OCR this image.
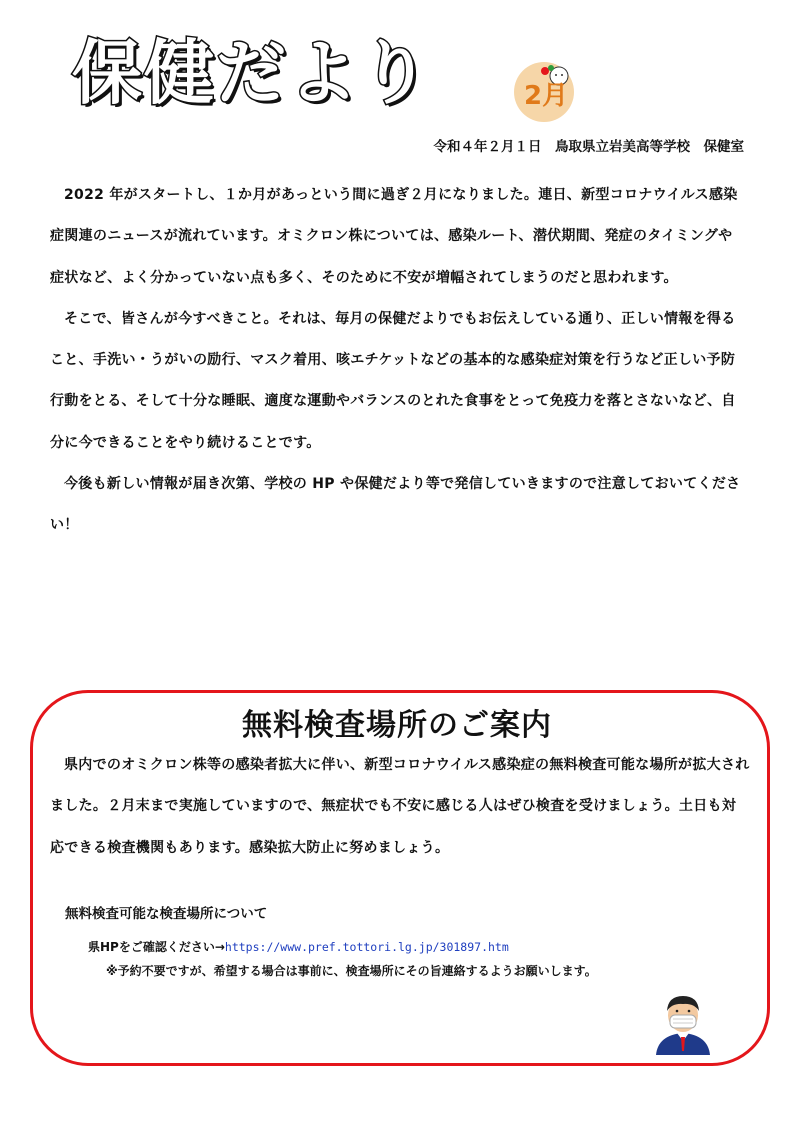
保健だより	2月
令和４年２月１日　鳥取県立岩美高等学校　保健室

2022 年がスタートし、１か月があっという間に過ぎ２月になりました。連日、新型コロナウイルス感染症関連のニュースが流れています。オミクロン株については、感染ルート、潜伏期間、発症のタイミングや症状など、よく分かっていない点も多く、そのために不安が増幅されてしまうのだと思われます。

そこで、皆さんが今すべきこと。それは、毎月の保健だよりでもお伝えしている通り、正しい情報を得ること、手洗い・うがいの励行、マスク着用、咳エチケットなどの基本的な感染症対策を行うなど正しい予防行動をとる、そして十分な睡眠、適度な運動やバランスのとれた食事をとって免疫力を落とさないなど、自分に今できることをやり続けることです。

今後も新しい情報が届き次第、学校の HP や保健だより等で発信していきますので注意しておいてください！

無料検査場所のご案内

県内でのオミクロン株等の感染者拡大に伴い、新型コロナウイルス感染症の無料検査可能な場所が拡大されました。２月末まで実施していますので、無症状でも不安に感じる人はぜひ検査を受けましょう。土日も対応できる検査機関もあります。感染拡大防止に努めましょう。

無料検査可能な検査場所について
県HPをご確認ください→https://www.pref.tottori.lg.jp/301897.htm
※予約不要ですが、希望する場合は事前に、検査場所にその旨連絡するようお願いします。
